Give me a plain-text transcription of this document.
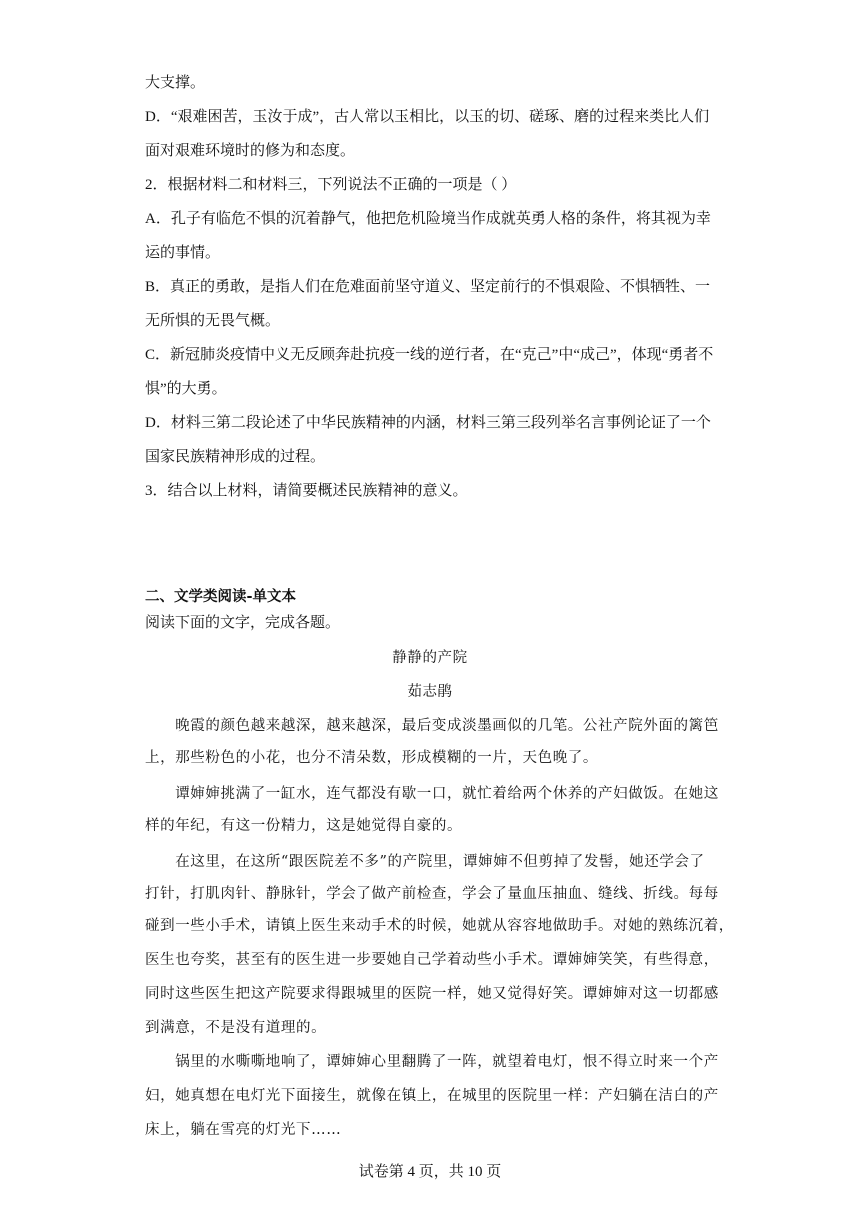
大支撑。
D．“艰难困苦，玉汝于成”，古人常以玉相比，以玉的切、磋琢、磨的过程来类比人们
面对艰难环境时的修为和态度。
2．根据材料二和材料三，下列说法不正确的一项是（ ）
A．孔子有临危不惧的沉着静气，他把危机险境当作成就英勇人格的条件，将其视为幸
运的事情。
B．真正的勇敢，是指人们在危难面前坚守道义、坚定前行的不惧艰险、不惧牺牲、一
无所惧的无畏气概。
C．新冠肺炎疫情中义无反顾奔赴抗疫一线的逆行者，在“克己”中“成己”，体现“勇者不
惧”的大勇。
D．材料三第二段论述了中华民族精神的内涵，材料三第三段列举名言事例论证了一个
国家民族精神形成的过程。
3．结合以上材料，请简要概述民族精神的意义。
二、文学类阅读-单文本
阅读下面的文字，完成各题。
静静的产院
茹志鹃
　　晚霞的颜色越来越深，越来越深，最后变成淡墨画似的几笔。公社产院外面的篱笆
上，那些粉色的小花，也分不清朵数，形成模糊的一片，天色晚了。
　　谭婶婶挑满了一缸水，连气都没有歇一口，就忙着给两个休养的产妇做饭。在她这
样的年纪，有这一份精力，这是她觉得自豪的。
　　在这里，在这所“跟医院差不多”的产院里，谭婶婶不但剪掉了发髻，她还学会了
打针，打肌肉针、静脉针，学会了做产前检查，学会了量血压抽血、缝线、折线。每每
碰到一些小手术，请镇上医生来动手术的时候，她就从容容地做助手。对她的熟练沉着，
医生也夸奖，甚至有的医生进一步要她自己学着动些小手术。谭婶婶笑笑，有些得意，
同时这些医生把这产院要求得跟城里的医院一样，她又觉得好笑。谭婶婶对这一切都感
到满意，不是没有道理的。
　　锅里的水嘶嘶地响了，谭婶婶心里翻腾了一阵，就望着电灯，恨不得立时来一个产
妇，她真想在电灯光下面接生，就像在镇上，在城里的医院里一样：产妇躺在洁白的产
床上，躺在雪亮的灯光下……
试卷第 4 页，共 10 页
